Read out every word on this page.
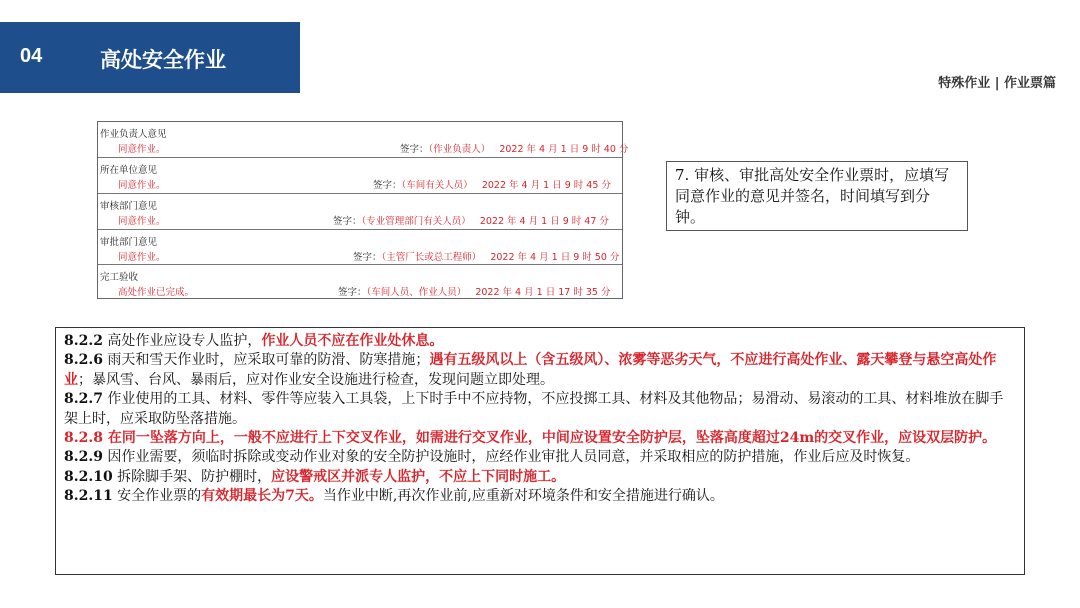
04	高处安全作业
特殊作业 | 作业票篇
作业负责人意见
同意作业。	签字：（作业负责人） 2022 年 4 月 1 日 9 时 40 分
所在单位意见
同意作业。	签字：（车间有关人员） 2022 年 4 月 1 日 9 时 45 分
审核部门意见
同意作业。	签字：（专业管理部门有关人员） 2022 年 4 月 1 日 9 时 47 分
审批部门意见
同意作业。	签字：（主管厂长或总工程师） 2022 年 4 月 1 日 9 时 50 分
完工验收
高处作业已完成。	签字：（车间人员、作业人员） 2022 年 4 月 1 日 17 时 35 分
7. 审核、审批高处安全作业票时，应填写同意作业的意见并签名，时间填写到分钟。

8.2.2 高处作业应设专人监护，作业人员不应在作业处休息。

8.2.6 雨天和雪天作业时，应采取可靠的防滑、防寒措施；遇有五级风以上（含五级风）、浓雾等恶劣天气，不应进行高处作业、露天攀登与悬空高处作业；暴风雪、台风、暴雨后，应对作业安全设施进行检查，发现问题立即处理。

8.2.7 作业使用的工具、材料、零件等应装入工具袋，上下时手中不应持物，不应投掷工具、材料及其他物品；易滑动、易滚动的工具、材料堆放在脚手架上时，应采取防坠落措施。

8.2.8 在同一坠落方向上，一般不应进行上下交叉作业，如需进行交叉作业，中间应设置安全防护层，坠落高度超过24m的交叉作业，应设双层防护。

8.2.9 因作业需要，须临时拆除或变动作业对象的安全防护设施时，应经作业审批人员同意，并采取相应的防护措施，作业后应及时恢复。

8.2.10 拆除脚手架、防护棚时，应设警戒区并派专人监护，不应上下同时施工。

8.2.11 安全作业票的有效期最长为7天。当作业中断,再次作业前,应重新对环境条件和安全措施进行确认。
